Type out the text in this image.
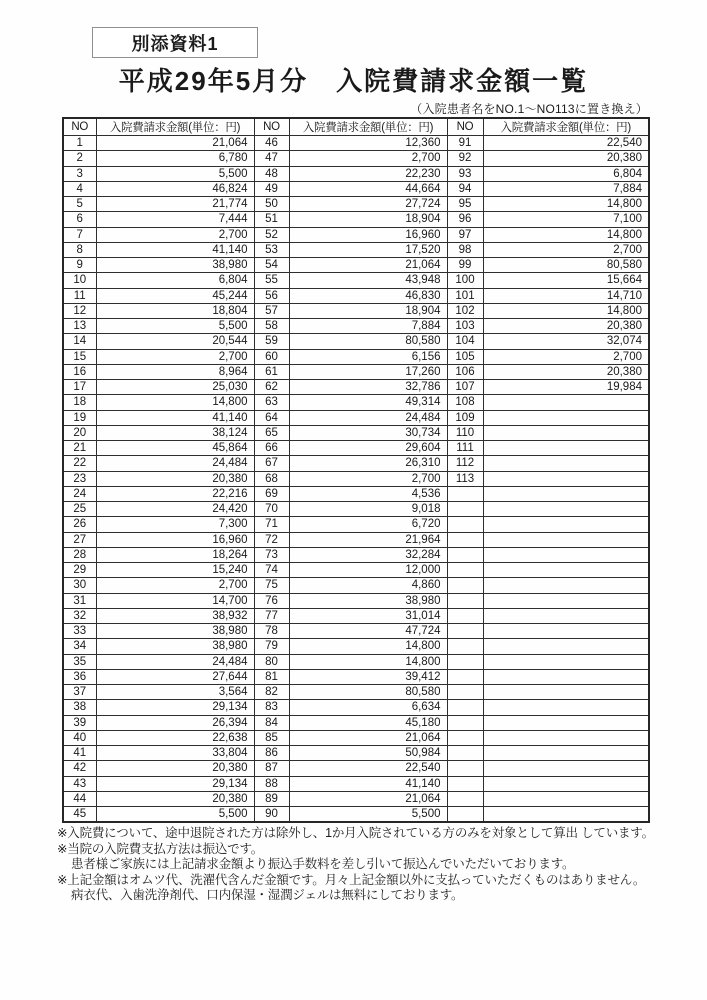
別添資料1
平成29年5月分　入院費請求金額一覧
（入院患者名をNO.1～NO113に置き換え）
NO	入院費請求金額(単位：円)	NO	入院費請求金額(単位：円)	NO	入院費請求金額(単位：円)
1	21,064	46	12,360	91	22,540
2	6,780	47	2,700	92	20,380
3	5,500	48	22,230	93	6,804
4	46,824	49	44,664	94	7,884
5	21,774	50	27,724	95	14,800
6	7,444	51	18,904	96	7,100
7	2,700	52	16,960	97	14,800
8	41,140	53	17,520	98	2,700
9	38,980	54	21,064	99	80,580
10	6,804	55	43,948	100	15,664
11	45,244	56	46,830	101	14,710
12	18,804	57	18,904	102	14,800
13	5,500	58	7,884	103	20,380
14	20,544	59	80,580	104	32,074
15	2,700	60	6,156	105	2,700
16	8,964	61	17,260	106	20,380
17	25,030	62	32,786	107	19,984
18	14,800	63	49,314	108	
19	41,140	64	24,484	109	
20	38,124	65	30,734	110	
21	45,864	66	29,604	111	
22	24,484	67	26,310	112	
23	20,380	68	2,700	113	
24	22,216	69	4,536		
25	24,420	70	9,018		
26	7,300	71	6,720		
27	16,960	72	21,964		
28	18,264	73	32,284		
29	15,240	74	12,000		
30	2,700	75	4,860		
31	14,700	76	38,980		
32	38,932	77	31,014		
33	38,980	78	47,724		
34	38,980	79	14,800		
35	24,484	80	14,800		
36	27,644	81	39,412		
37	3,564	82	80,580		
38	29,134	83	6,634		
39	26,394	84	45,180		
40	22,638	85	21,064		
41	33,804	86	50,984		
42	20,380	87	22,540		
43	29,134	88	41,140		
44	20,380	89	21,064		
45	5,500	90	5,500		
※入院費について、途中退院された方は除外し、1か月入院されている方のみを対象として算出 しています。
※当院の入院費支払方法は振込です。
患者様ご家族には上記請求金額より振込手数料を差し引いて振込んでいただいております。
※上記金額はオムツ代、洗濯代含んだ金額です。月々上記金額以外に支払っていただくものはありません。
病衣代、入歯洗浄剤代、口内保湿・湿潤ジェルは無料にしております。
